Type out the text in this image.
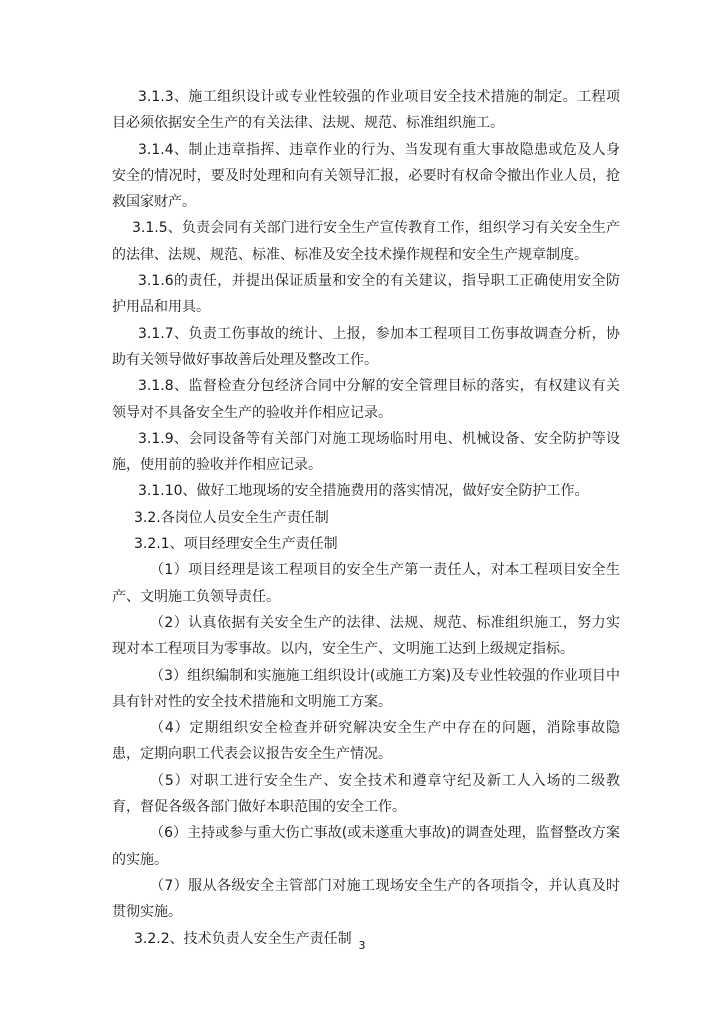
3.1.3、施工组织设计或专业性较强的作业项目安全技术措施的制定。工程项目必须依据安全生产的有关法律、法规、规范、标准组织施工。

3.1.4、制止违章指挥、违章作业的行为、当发现有重大事故隐患或危及人身安全的情况时，要及时处理和向有关领导汇报，必要时有权命令撤出作业人员，抢救国家财产。

3.1.5、负责会同有关部门进行安全生产宣传教育工作，组织学习有关安全生产的法律、法规、规范、标准、标准及安全技术操作规程和安全生产规章制度。

3.1.6的责任，并提出保证质量和安全的有关建议，指导职工正确使用安全防护用品和用具。

3.1.7、负责工伤事故的统计、上报，参加本工程项目工伤事故调查分析，协助有关领导做好事故善后处理及整改工作。

3.1.8、监督检查分包经济合同中分解的安全管理目标的落实，有权建议有关领导对不具备安全生产的验收并作相应记录。

3.1.9、会同设备等有关部门对施工现场临时用电、机械设备、安全防护等设施，使用前的验收并作相应记录。

3.1.10、做好工地现场的安全措施费用的落实情况，做好安全防护工作。

3.2.各岗位人员安全生产责任制

3.2.1、项目经理安全生产责任制

（1）项目经理是该工程项目的安全生产第一责任人，对本工程项目安全生产、文明施工负领导责任。

（2）认真依据有关安全生产的法律、法规、规范、标准组织施工，努力实现对本工程项目为零事故。以内，安全生产、文明施工达到上级规定指标。

（3）组织编制和实施施工组织设计(或施工方案)及专业性较强的作业项目中具有针对性的安全技术措施和文明施工方案。

（4）定期组织安全检查并研究解决安全生产中存在的问题，消除事故隐患，定期向职工代表会议报告安全生产情况。

（5）对职工进行安全生产、安全技术和遵章守纪及新工人入场的二级教育，督促各级各部门做好本职范围的安全工作。

（6）主持或参与重大伤亡事故(或未遂重大事故)的调查处理，监督整改方案的实施。

（7）服从各级安全主管部门对施工现场安全生产的各项指令，并认真及时贯彻实施。

3.2.2、技术负责人安全生产责任制 3
